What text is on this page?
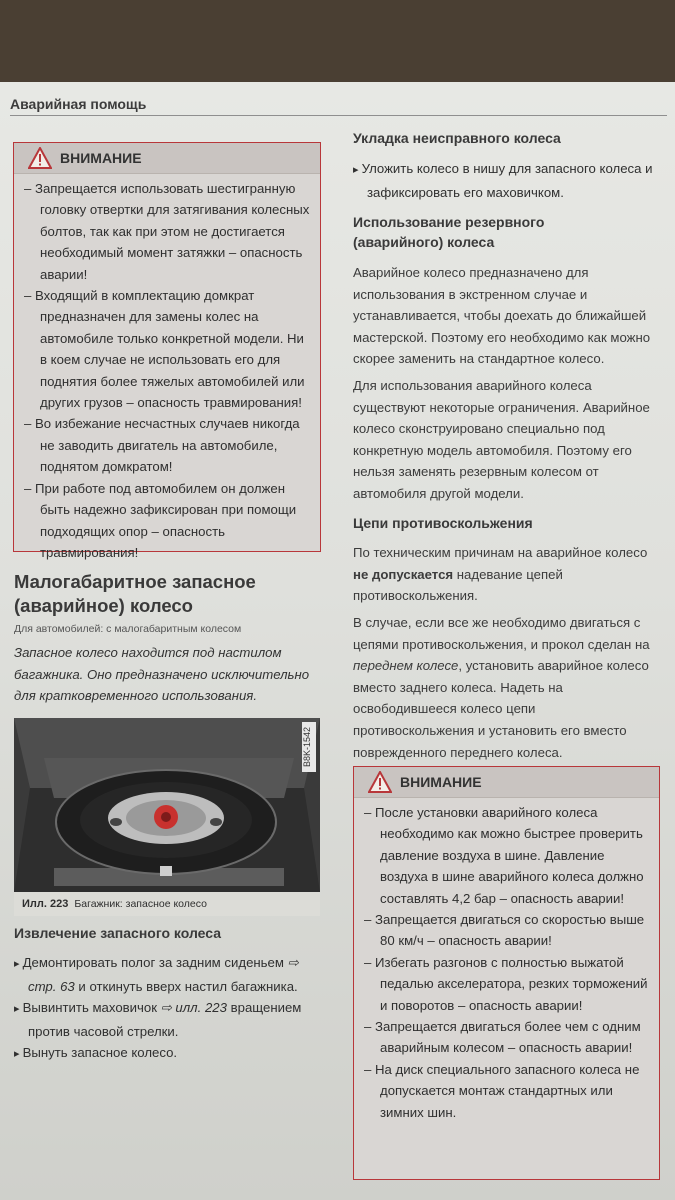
Аварийная помощь
ВНИМАНИЕ
– Запрещается использовать шестигранную головку отвертки для затягивания колесных болтов, так как при этом не достигается необходимый момент затяжки – опасность аварии!
– Входящий в комплектацию домкрат предназначен для замены колес на автомобиле только конкретной модели. Ни в коем случае не использовать его для поднятия более тяжелых автомобилей или других грузов – опасность травмирования!
– Во избежание несчастных случаев никогда не заводить двигатель на автомобиле, поднятом домкратом!
– При работе под автомобилем он должен быть надежно зафиксирован при помощи подходящих опор – опасность травмирования!
Малогабаритное запасное
(аварийное) колесо
Для автомобилей: с малогабаритным колесом
Запасное колесо находится под настилом багажника. Оно предназначено исключительно для кратковременного использования.
B8K-1542
Илл. 223 Багажник: запасное колесо
Извлечение запасного колеса
▸ Демонтировать полог за задним сиденьем ⇨ стр. 63 и откинуть вверх настил багажника.
▸ Вывинтить маховичок ⇨ илл. 223 вращением против часовой стрелки.
▸ Вынуть запасное колесо.
Укладка неисправного колеса
▸ Уложить колесо в нишу для запасного колеса и зафиксировать его маховичком.
Использование резервного
(аварийного) колеса

Аварийное колесо предназначено для использования в экстренном случае и устанавливается, чтобы доехать до ближайшей мастерской. Поэтому его необходимо как можно скорее заменить на стандартное колесо.

Для использования аварийного колеса существуют некоторые ограничения. Аварийное колесо сконструировано специально под конкретную модель автомобиля. Поэтому его нельзя заменять резервным колесом от автомобиля другой модели.

Цепи противоскольжения

По техническим причинам на аварийное колесо не допускается надевание цепей противоскольжения.

В случае, если все же необходимо двигаться с цепями противоскольжения, и прокол сделан на переднем колесе, установить аварийное колесо вместо заднего колеса. Надеть на освободившееся колесо цепи противоскольжения и установить его вместо поврежденного переднего колеса.

ВНИМАНИЕ
– После установки аварийного колеса необходимо как можно быстрее проверить давление воздуха в шине. Давление воздуха в шине аварийного колеса должно составлять 4,2 бар – опасность аварии!
– Запрещается двигаться со скоростью выше 80 км/ч – опасность аварии!
– Избегать разгонов с полностью выжатой педалью акселератора, резких торможений и поворотов – опасность аварии!
– Запрещается двигаться более чем с одним аварийным колесом – опасность аварии!
– На диск специального запасного колеса не допускается монтаж стандартных или зимних шин.
